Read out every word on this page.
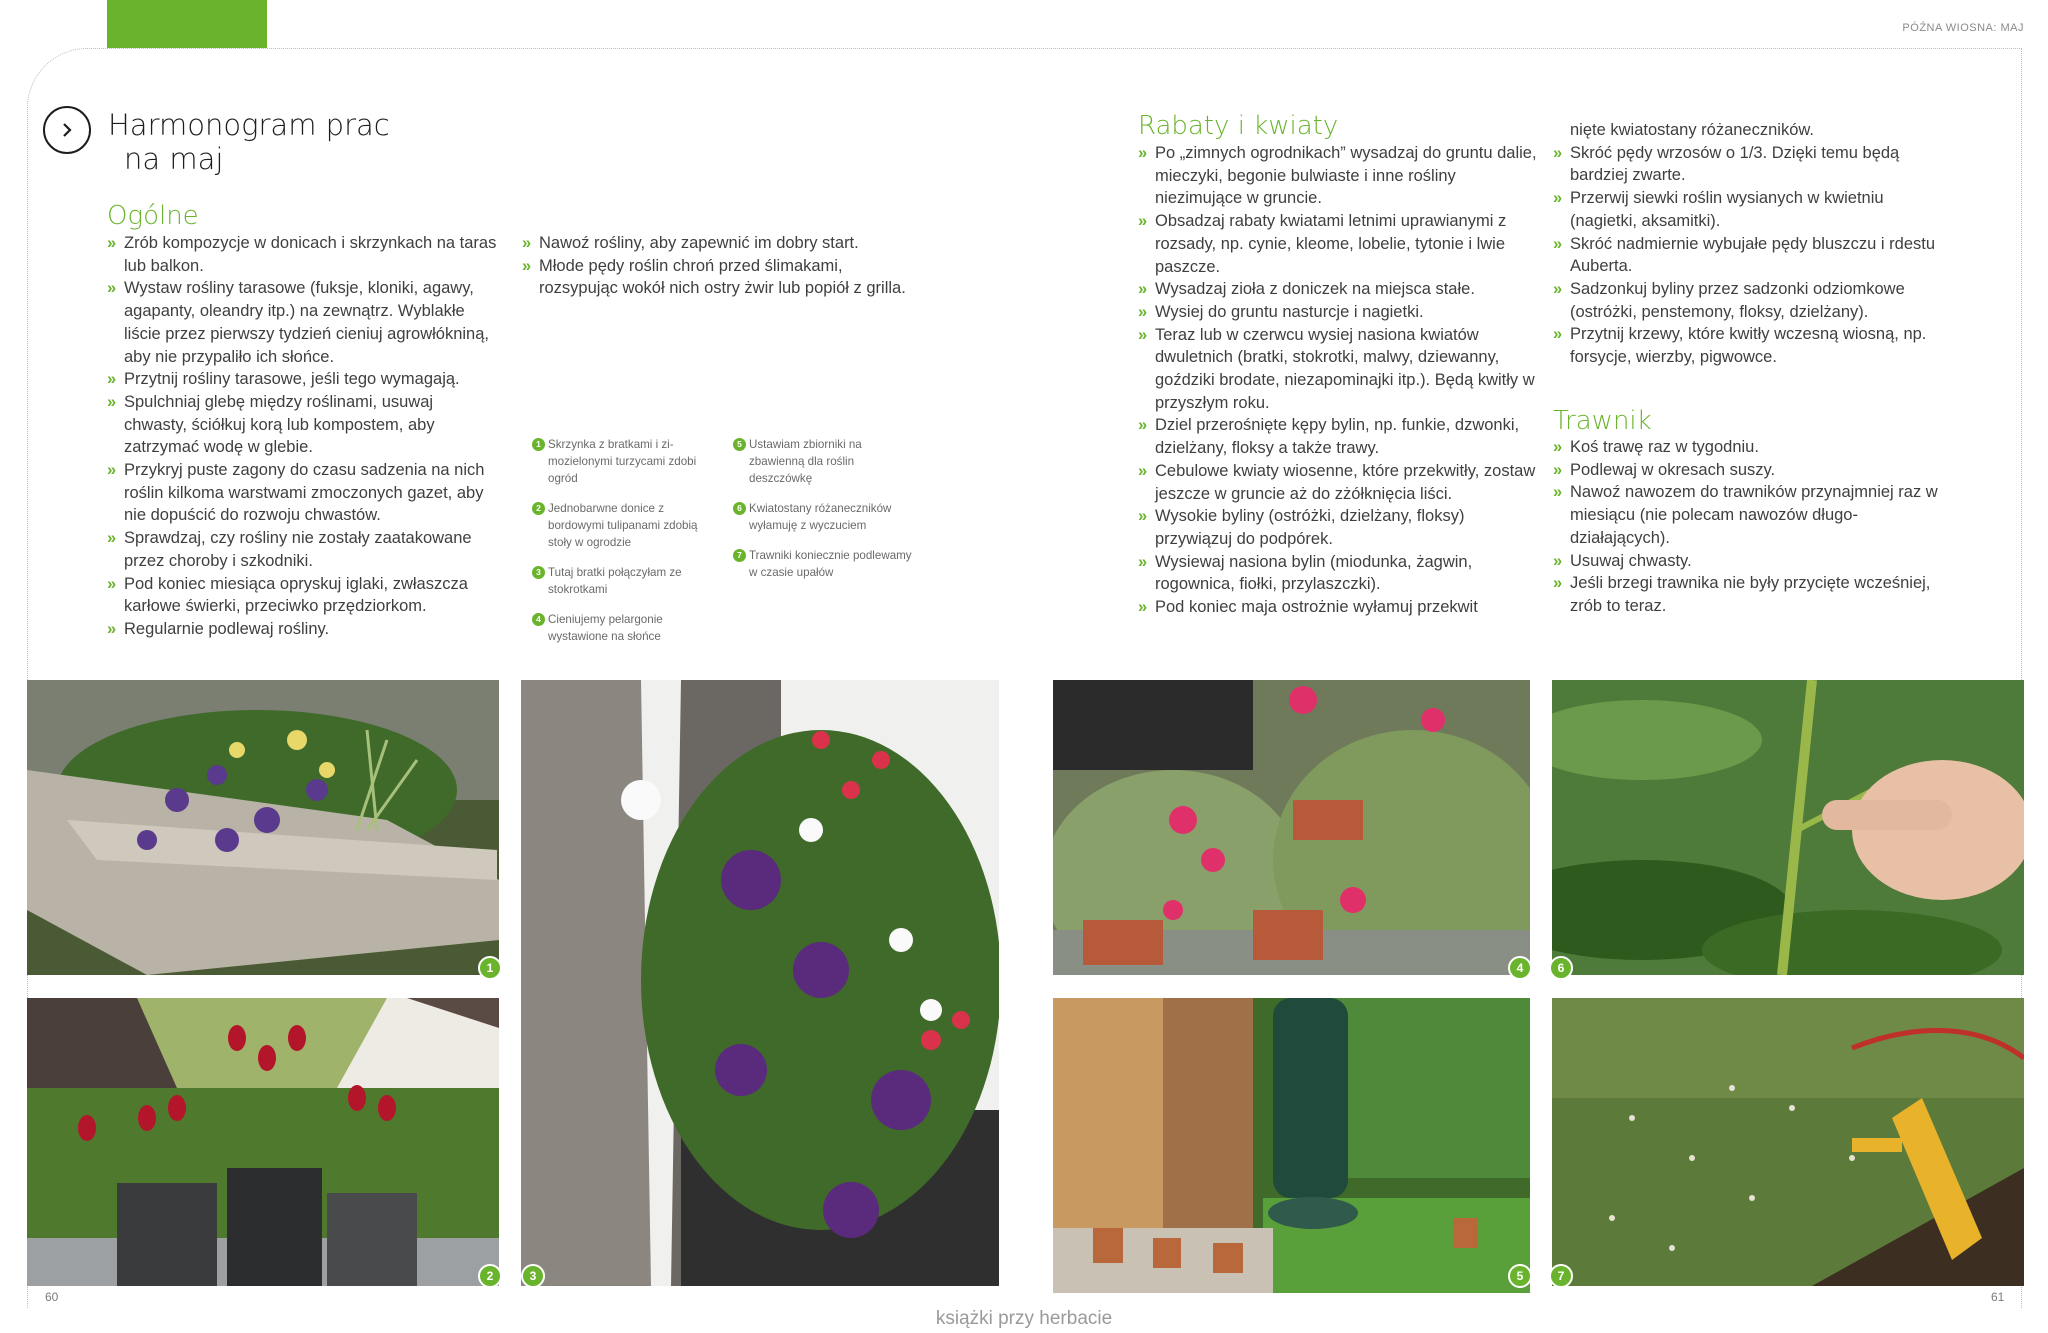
PÓŹNA WIOSNA: MAJ
Harmonogram prac
na maj
Ogólne
» Zrób kompozycje w donicach i skrzynkach na taras lub balkon.
» Wystaw rośliny tarasowe (fuksje, kloniki, agawy, agapanty, oleandry itp.) na zewnątrz. Wyblakłe liście przez pierwszy tydzień cieniuj agrowłókniną, aby nie przypaliło ich słońce.
» Przytnij rośliny tarasowe, jeśli tego wymagają.
» Spulchniaj glebę między roślinami, usuwaj chwasty, ściółkuj korą lub kompostem, aby zatrzymać wodę w glebie.
» Przykryj puste zagony do czasu sadzenia na nich roślin kilkoma warstwami zmoczonych gazet, aby nie dopuścić do rozwoju chwastów.
» Sprawdzaj, czy rośliny nie zostały zaatakowane przez choroby i szkodniki.
» Pod koniec miesiąca opryskuj iglaki, zwłaszcza karłowe świerki, przeciwko przędziorkom.
» Regularnie podlewaj rośliny.
» Nawoź rośliny, aby zapewnić im dobry start.
» Młode pędy roślin chroń przed ślimakami, rozsypując wokół nich ostry żwir lub popiół z grilla.
1 Skrzynka z bratkami i zimozielonymi turzycami zdobi ogród
2 Jednobarwne donice z bordowymi tulipanami zdobią stoły w ogrodzie
3 Tutaj bratki połączyłam ze stokrotkami
4 Cieniujemy pelargonie wystawione na słońce
5 Ustawiam zbiorniki na zbawienną dla roślin deszczówkę
6 Kwiatostany różaneczników wyłamuję z wyczuciem
7 Trawniki koniecznie podlewamy w czasie upałów
Rabaty i kwiaty
» Po „zimnych ogrodnikach” wysadzaj do gruntu dalie, mieczyki, begonie bulwiaste i inne rośliny niezimujące w gruncie.
» Obsadzaj rabaty kwiatami letnimi uprawianymi z rozsady, np. cynie, kleome, lobelie, tytonie i lwie paszcze.
» Wysadzaj zioła z doniczek na miejsca stałe.
» Wysiej do gruntu nasturcje i nagietki.
» Teraz lub w czerwcu wysiej nasiona kwiatów dwuletnich (bratki, stokrotki, malwy, dziewanny, goździki brodate, niezapominajki itp.). Będą kwitły w przyszłym roku.
» Dziel przerośnięte kępy bylin, np. funkie, dzwonki, dzielżany, floksy a także trawy.
» Cebulowe kwiaty wiosenne, które przekwitły, zostaw jeszcze w gruncie aż do zżółknięcia liści.
» Wysokie byliny (ostróżki, dzielżany, floksy) przywiązuj do podpórek.
» Wysiewaj nasiona bylin (miodunka, żagwin, rogownica, fiołki, przylaszczki).
» Pod koniec maja ostrożnie wyłamuj przekwit
nięte kwiatostany różaneczników.
» Skróć pędy wrzosów o 1/3. Dzięki temu będą bardziej zwarte.
» Przerwij siewki roślin wysianych w kwietniu (nagietki, aksamitki).
» Skróć nadmiernie wybujałe pędy bluszczu i rdestu Auberta.
» Sadzonkuj byliny przez sadzonki odziomkowe (ostróżki, penstemony, floksy, dzielżany).
» Przytnij krzewy, które kwitły wczesną wiosną, np. forsycje, wierzby, pigwowce.
Trawnik
» Koś trawę raz w tygodniu.
» Podlewaj w okresach suszy.
» Nawoź nawozem do trawników przynajmniej raz w miesiącu (nie polecam nawozów długodziałających).
» Usuwaj chwasty.
» Jeśli brzegi trawnika nie były przycięte wcześniej, zrób to teraz.
1
2	3
4	6
5	7
60	61
książki przy herbacie
